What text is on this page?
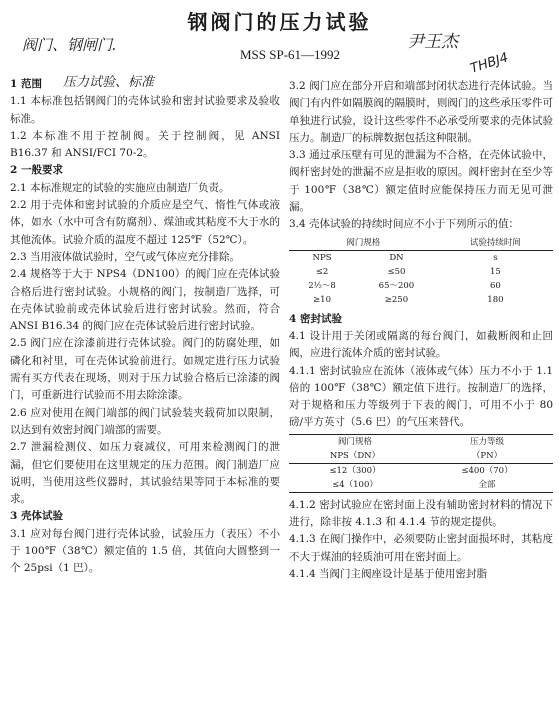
钢阀门的压力试验
MSS SP-61—1992
阀门、钢闸门.	尹王杰
THBJ4
压力试验、标准

1 范围

1.1 本标准包括钢阀门的壳体试验和密封试验要求及验收标准。

1.2 本标准不用于控制阀。关于控制阀，见 ANSI B16.37 和 ANSI/FCI 70-2。

2 一般要求

2.1 本标准规定的试验的实施应由制造厂负责。

2.2 用于壳体和密封试验的介质应是空气、惰性气体或液体，如水（水中可含有防腐剂）、煤油或其粘度不大于水的其他流体。试验介质的温度不超过 125℉（52℃）。

2.3 当用液体做试验时，空气或气体应充分排除。

2.4 规格等于大于 NPS4（DN100）的阀门应在壳体试验合格后进行密封试验。小规格的阀门，按制造厂选择，可在壳体试验前或壳体试验后进行密封试验。然而，符合 ANSI B16.34 的阀门应在壳体试验后进行密封试验。

2.5 阀门应在涂漆前进行壳体试验。阀门的防腐处理，如磷化和衬里，可在壳体试验前进行。如规定进行压力试验需有买方代表在现场，则对于压力试验合格后已涂漆的阀门，可重新进行试验而不用去除涂漆。

2.6 应对使用在阀门端部的阀门试验装夹载荷加以限制，以达到有效密封阀门端部的需要。

2.7 泄漏检测仪、如压力衰减仪，可用来检测阀门的泄漏，但它们要使用在这里规定的压力范围。阀门制造厂应说明，当使用这些仪器时，其试验结果等同于本标准的要求。

3 壳体试验

3.1 应对每台阀门进行壳体试验，试验压力（表压）不小于 100℉（38℃）额定值的 1.5 倍，其值向大圆整到一个 25psi（1 巴）。

3.2 阀门应在部分开启和端部封闭状态进行壳体试验。当阀门有内件如隔膜阀的隔膜时，则阀门的这些承压零件可单独进行试验，设计这些零件不必承受所要求的壳体试验压力。制造厂的标牌数据包括这种限制。

3.3 通过承压壁有可见的泄漏为不合格，在壳体试验中，阀杆密封处的泄漏不应是拒收的原因。阀杆密封在至少等于 100℉（38℃）额定值时应能保持压力而无见可泄漏。

3.4 壳体试验的持续时间应不小于下列所示的值：

阀门规格		试验持续时间
NPS	DN	s
≤2	≤50	15
2½～8	65～200	60
≥10	≥250	180

4 密封试验

4.1 设计用于关闭或隔离的每台阀门，如截断阀和止回阀，应进行流体介质的密封试验。

4.1.1 密封试验应在流体（液体或气体）压力不小于 1.1 倍的 100℉（38℃）额定值下进行。按制造厂的选择，对于规格和压力等级列于下表的阀门，可用不小于 80 磅/平方英寸（5.6 巴）的气压来替代。

阀门规格	压力等级
NPS（DN）	（PN）
≤12（300）	≤400（70）
≤4（100）	全部

4.1.2 密封试验应在密封面上没有辅助密封材料的情况下进行，除非按 4.1.3 和 4.1.4 节的规定提供。

4.1.3 在阀门操作中，必须要防止密封面损坏时，其粘度不大于煤油的轻质油可用在密封面上。

4.1.4 当阀门主阀座设计是基于使用密封脂
